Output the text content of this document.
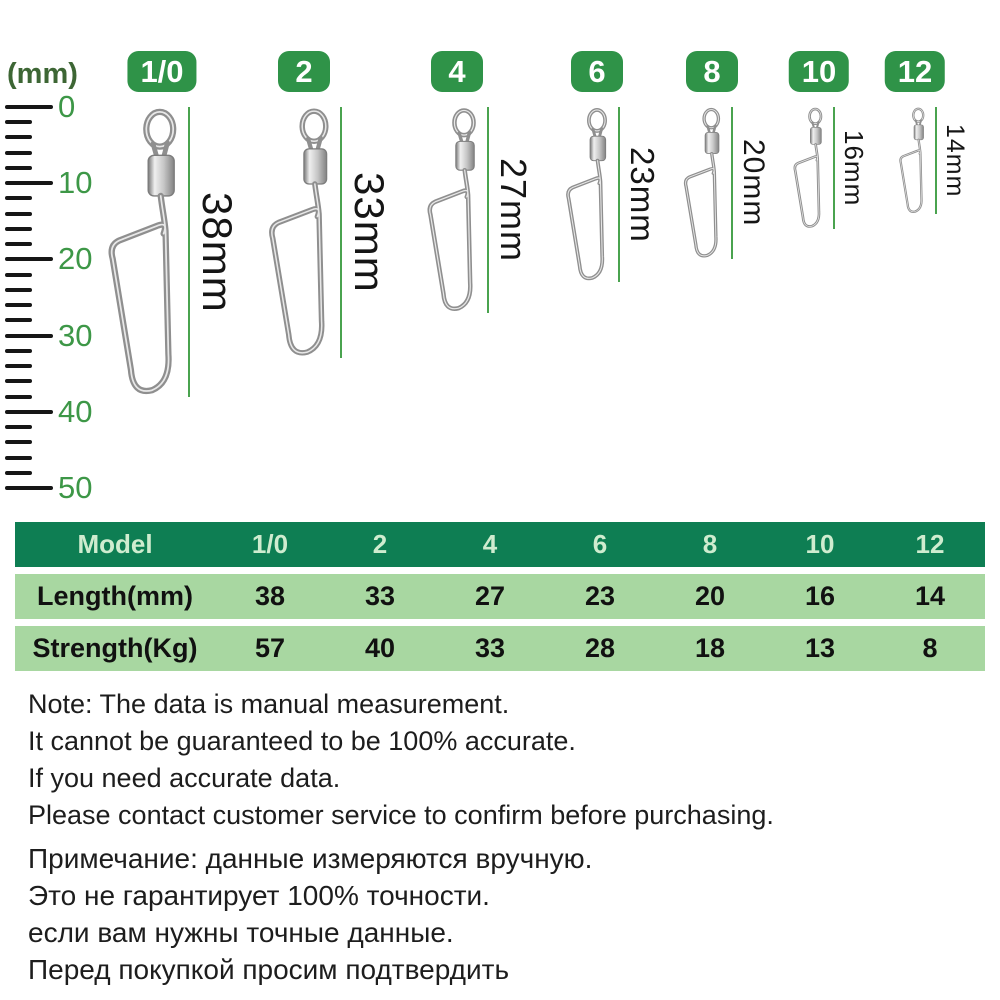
(mm)
0
10
20
30
40
50
1/0	2	4	6	8	10	12
38mm	33mm	27mm	23mm	20mm	16mm	14mm
Model	1/0	2	4	6	8	10	12
Length(mm)	38	33	27	23	20	16	14
Strength(Kg)	57	40	33	28	18	13	8
Note: The data is manual measurement.
It cannot be guaranteed to be 100% accurate.
If you need accurate data.
Please contact customer service to confirm before purchasing.
Примечание: данные измеряются вручную.
Это не гарантирует 100% точности.
если вам нужны точные данные.
Перед покупкой просим подтвердить
